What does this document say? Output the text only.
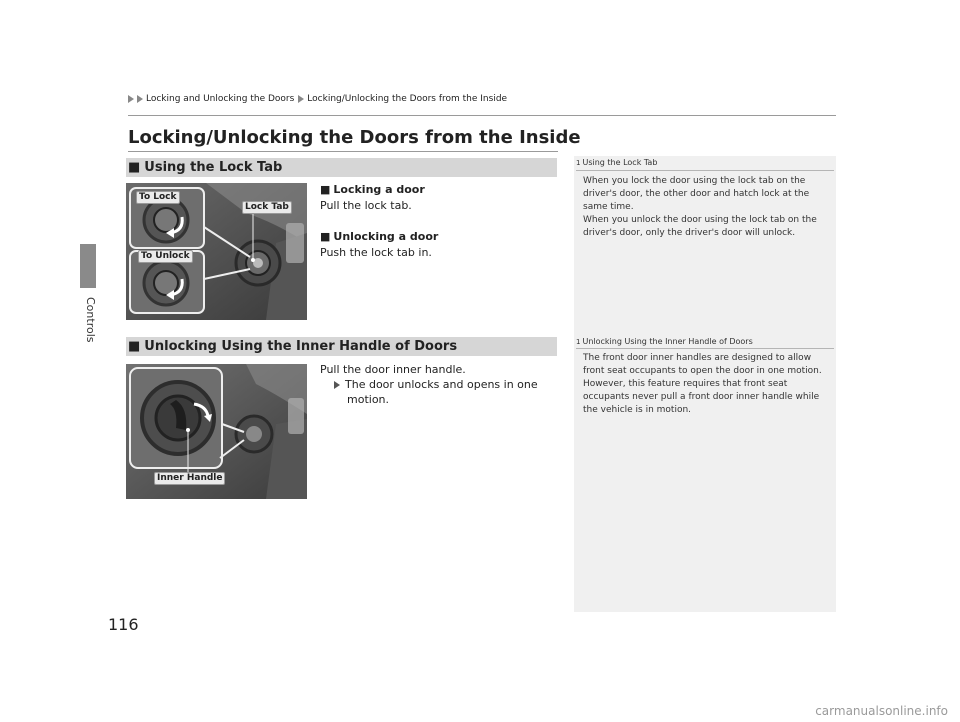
Controls
116
Locking and Unlocking the Doors Locking/Unlocking the Doors from the Inside
Locking/Unlocking the Doors from the Inside
■ Using the Lock Tab
To Lock
Lock Tab
To Unlock
■ Locking a door
Pull the lock tab.
■ Unlocking a door
Push the lock tab in.
■ Unlocking Using the Inner Handle of Doors
Inner Handle
Pull the door inner handle.
The door unlocks and opens in one
motion.
1 Using the Lock Tab
When you lock the door using the lock tab on the
driver's door, the other door and hatch lock at the
same time.
When you unlock the door using the lock tab on the
driver's door, only the driver's door will unlock.
1 Unlocking Using the Inner Handle of Doors
The front door inner handles are designed to allow
front seat occupants to open the door in one motion.
However, this feature requires that front seat
occupants never pull a front door inner handle while
the vehicle is in motion.
carmanualsonline.info
